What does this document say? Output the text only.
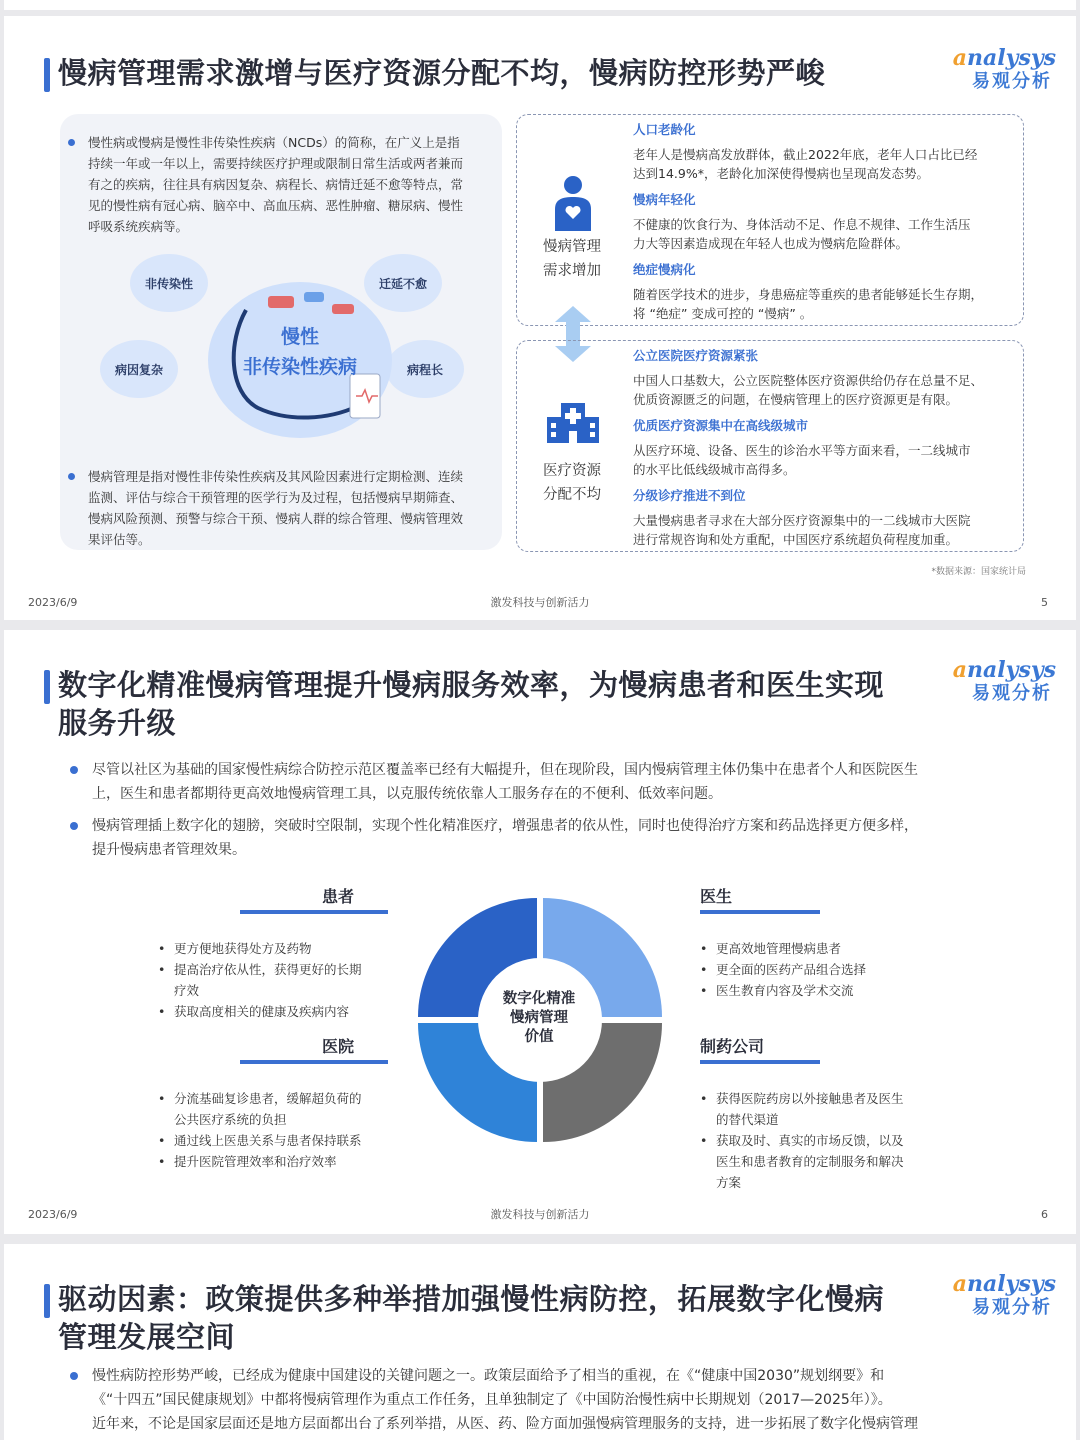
慢病管理需求激增与医疗资源分配不均，慢病防控形势严峻	analysys
易观分析
慢性病或慢病是慢性非传染性疾病（NCDs）的简称，在广义上是指
持续一年或一年以上，需要持续医疗护理或限制日常生活或两者兼而
有之的疾病，往往具有病因复杂、病程长、病情迁延不愈等特点，常
见的慢性病有冠心病、脑卒中、高血压病、恶性肿瘤、糖尿病、慢性
呼吸系统疾病等。
非传染性	迁延不愈
病因复杂	病程长
慢性
非传染性疾病
慢病管理是指对慢性非传染性疾病及其风险因素进行定期检测、连续
监测、评估与综合干预管理的医学行为及过程，包括慢病早期筛查、
慢病风险预测、预警与综合干预、慢病人群的综合管理、慢病管理效
果评估等。
慢病管理
需求增加
人口老龄化
老年人是慢病高发放群体，截止2022年底，老年人口占比已经
达到14.9%*，老龄化加深使得慢病也呈现高发态势。
慢病年轻化
不健康的饮食行为、身体活动不足、作息不规律、工作生活压
力大等因素造成现在年轻人也成为慢病危险群体。
绝症慢病化
随着医学技术的进步，身患癌症等重疾的患者能够延长生存期，
将 “绝症” 变成可控的 “慢病” 。
医疗资源
分配不均
公立医院医疗资源紧张
中国人口基数大，公立医院整体医疗资源供给仍存在总量不足、
优质资源匮乏的问题，在慢病管理上的医疗资源更是有限。
优质医疗资源集中在高线级城市
从医疗环境、设备、医生的诊治水平等方面来看，一二线城市
的水平比低线级城市高得多。
分级诊疗推进不到位
大量慢病患者寻求在大部分医疗资源集中的一二线城市大医院
进行常规咨询和处方重配，中国医疗系统超负荷程度加重。
*数据来源：国家统计局
2023/6/9	激发科技与创新活力	5
数字化精准慢病管理提升慢病服务效率，为慢病患者和医生实现
服务升级
analysys
易观分析
尽管以社区为基础的国家慢性病综合防控示范区覆盖率已经有大幅提升，但在现阶段，国内慢病管理主体仍集中在患者个人和医院医生
上，医生和患者都期待更高效地慢病管理工具，以克服传统依靠人工服务存在的不便利、低效率问题。
慢病管理插上数字化的翅膀，突破时空限制，实现个性化精准医疗，增强患者的依从性，同时也使得治疗方案和药品选择更方便多样，
提升慢病患者管理效果。
患者
• 更方便地获得处方及药物
• 提高治疗依从性，获得更好的长期
疗效
• 获取高度相关的健康及疾病内容
医院
• 分流基础复诊患者，缓解超负荷的
公共医疗系统的负担
• 通过线上医患关系与患者保持联系
• 提升医院管理效率和治疗效率
医生
• 更高效地管理慢病患者
• 更全面的医药产品组合选择
• 医生教育内容及学术交流
制药公司
• 获得医院药房以外接触患者及医生
的替代渠道
• 获取及时、真实的市场反馈，以及
医生和患者教育的定制服务和解决
方案
数字化精准
慢病管理
价值
2023/6/9	激发科技与创新活力	6
驱动因素：政策提供多种举措加强慢性病防控，拓展数字化慢病
管理发展空间
analysys
易观分析
慢性病防控形势严峻，已经成为健康中国建设的关键问题之一。政策层面给予了相当的重视，在《“健康中国2030”规划纲要》和
《“十四五”国民健康规划》中都将慢病管理作为重点工作任务，且单独制定了《中国防治慢性病中长期规划（2017—2025年）》。
近年来，不论是国家层面还是地方层面都出台了系列举措，从医、药、险方面加强慢病管理服务的支持，进一步拓展了数字化慢病管理
